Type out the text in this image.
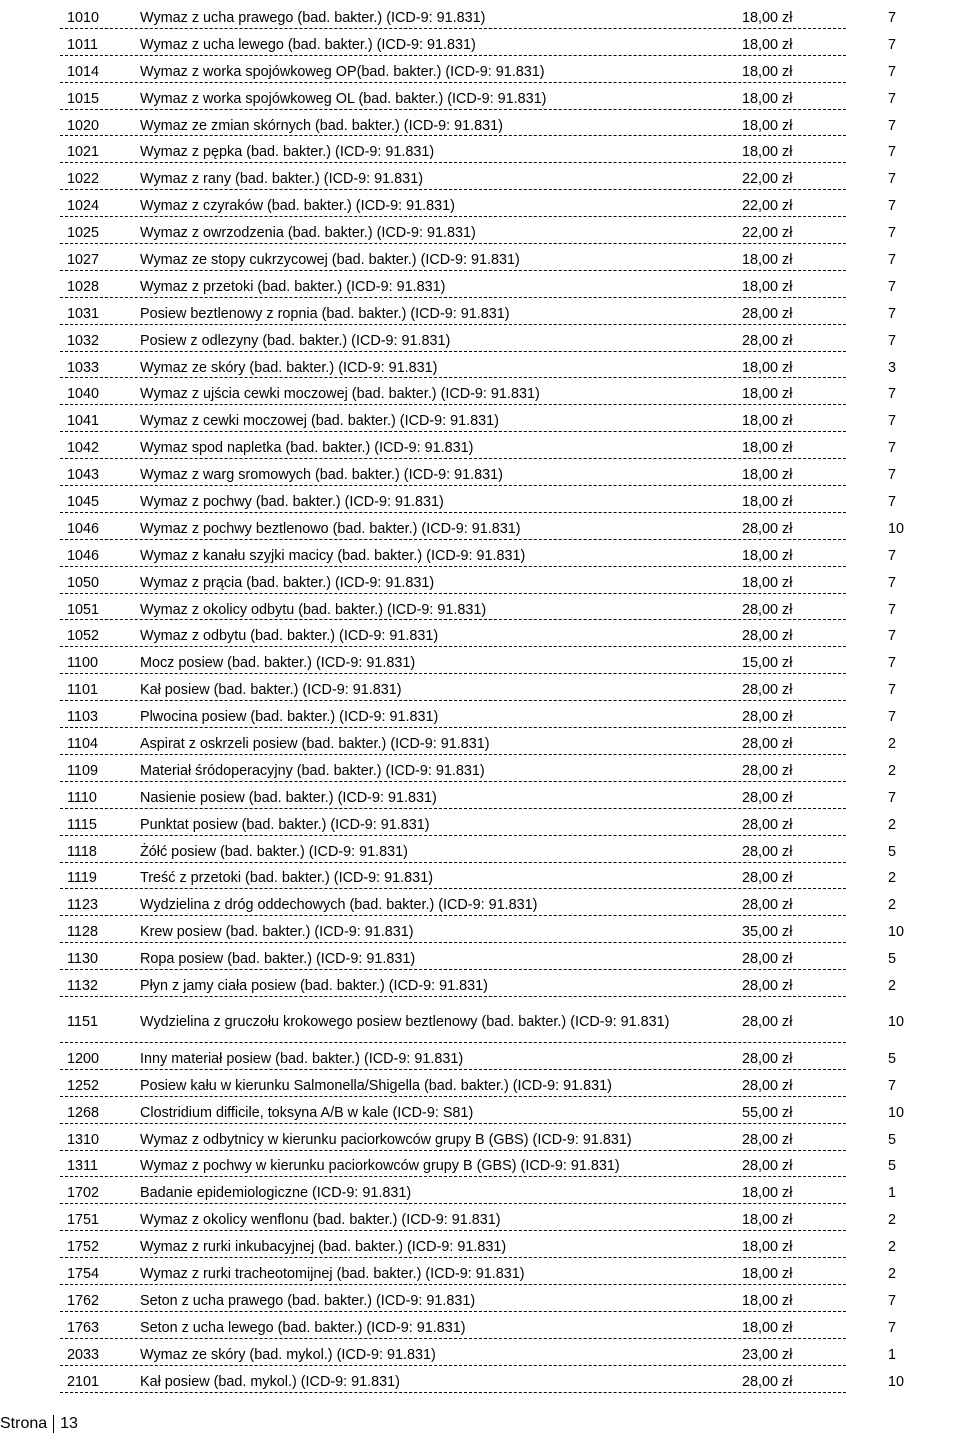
1010	Wymaz z ucha prawego (bad. bakter.) (ICD-9: 91.831)	18,00 zł	7
1011	Wymaz z ucha lewego (bad. bakter.) (ICD-9: 91.831)	18,00 zł	7
1014	Wymaz z worka spojówkoweg OP(bad. bakter.) (ICD-9: 91.831)	18,00 zł	7
1015	Wymaz z worka spojówkoweg OL (bad. bakter.) (ICD-9: 91.831)	18,00 zł	7
1020	Wymaz ze zmian skórnych (bad. bakter.) (ICD-9: 91.831)	18,00 zł	7
1021	Wymaz z pępka (bad. bakter.) (ICD-9: 91.831)	18,00 zł	7
1022	Wymaz z rany (bad. bakter.) (ICD-9: 91.831)	22,00 zł	7
1024	Wymaz z czyraków (bad. bakter.) (ICD-9: 91.831)	22,00 zł	7
1025	Wymaz z owrzodzenia (bad. bakter.) (ICD-9: 91.831)	22,00 zł	7
1027	Wymaz ze stopy cukrzycowej (bad. bakter.) (ICD-9: 91.831)	18,00 zł	7
1028	Wymaz z przetoki (bad. bakter.) (ICD-9: 91.831)	18,00 zł	7
1031	Posiew beztlenowy z ropnia (bad. bakter.) (ICD-9: 91.831)	28,00 zł	7
1032	Posiew z odlezyny (bad. bakter.) (ICD-9: 91.831)	28,00 zł	7
1033	Wymaz ze skóry (bad. bakter.) (ICD-9: 91.831)	18,00 zł	3
1040	Wymaz z ujścia cewki moczowej (bad. bakter.) (ICD-9: 91.831)	18,00 zł	7
1041	Wymaz z cewki moczowej (bad. bakter.) (ICD-9: 91.831)	18,00 zł	7
1042	Wymaz spod napletka (bad. bakter.) (ICD-9: 91.831)	18,00 zł	7
1043	Wymaz z warg sromowych (bad. bakter.) (ICD-9: 91.831)	18,00 zł	7
1045	Wymaz z pochwy (bad. bakter.) (ICD-9: 91.831)	18,00 zł	7
1046	Wymaz z pochwy beztlenowo (bad. bakter.) (ICD-9: 91.831)	28,00 zł	10
1046	Wymaz z kanału szyjki macicy (bad. bakter.) (ICD-9: 91.831)	18,00 zł	7
1050	Wymaz z prącia (bad. bakter.) (ICD-9: 91.831)	18,00 zł	7
1051	Wymaz z okolicy odbytu (bad. bakter.) (ICD-9: 91.831)	28,00 zł	7
1052	Wymaz z odbytu (bad. bakter.) (ICD-9: 91.831)	28,00 zł	7
1100	Mocz posiew (bad. bakter.) (ICD-9: 91.831)	15,00 zł	7
1101	Kał posiew (bad. bakter.) (ICD-9: 91.831)	28,00 zł	7
1103	Plwocina posiew (bad. bakter.) (ICD-9: 91.831)	28,00 zł	7
1104	Aspirat z oskrzeli posiew (bad. bakter.) (ICD-9: 91.831)	28,00 zł	2
1109	Materiał śródoperacyjny (bad. bakter.) (ICD-9: 91.831)	28,00 zł	2
1110	Nasienie posiew (bad. bakter.) (ICD-9: 91.831)	28,00 zł	7
1115	Punktat posiew (bad. bakter.) (ICD-9: 91.831)	28,00 zł	2
1118	Żółć posiew (bad. bakter.) (ICD-9: 91.831)	28,00 zł	5
1119	Treść z przetoki (bad. bakter.) (ICD-9: 91.831)	28,00 zł	2
1123	Wydzielina z dróg oddechowych (bad. bakter.) (ICD-9: 91.831)	28,00 zł	2
1128	Krew posiew (bad. bakter.) (ICD-9: 91.831)	35,00 zł	10
1130	Ropa posiew (bad. bakter.) (ICD-9: 91.831)	28,00 zł	5
1132	Płyn z jamy ciała posiew (bad. bakter.) (ICD-9: 91.831)	28,00 zł	2
1151	Wydzielina z gruczołu krokowego posiew beztlenowy (bad. bakter.) (ICD-9: 91.831)	28,00 zł	10
1200	Inny materiał posiew (bad. bakter.) (ICD-9: 91.831)	28,00 zł	5
1252	Posiew kału w kierunku Salmonella/Shigella (bad. bakter.) (ICD-9: 91.831)	28,00 zł	7
1268	Clostridium difficile, toksyna A/B w kale (ICD-9: S81)	55,00 zł	10
1310	Wymaz z odbytnicy w kierunku paciorkowców grupy B (GBS) (ICD-9: 91.831)	28,00 zł	5
1311	Wymaz z pochwy w kierunku paciorkowców grupy B (GBS) (ICD-9: 91.831)	28,00 zł	5
1702	Badanie epidemiologiczne (ICD-9: 91.831)	18,00 zł	1
1751	Wymaz z okolicy wenflonu (bad. bakter.) (ICD-9: 91.831)	18,00 zł	2
1752	Wymaz z rurki inkubacyjnej (bad. bakter.) (ICD-9: 91.831)	18,00 zł	2
1754	Wymaz z rurki tracheotomijnej (bad. bakter.) (ICD-9: 91.831)	18,00 zł	2
1762	Seton z ucha prawego (bad. bakter.) (ICD-9: 91.831)	18,00 zł	7
1763	Seton z ucha lewego (bad. bakter.) (ICD-9: 91.831)	18,00 zł	7
2033	Wymaz ze skóry (bad. mykol.) (ICD-9: 91.831)	23,00 zł	1
2101	Kał posiew (bad. mykol.) (ICD-9: 91.831)	28,00 zł	10
Strona 13
